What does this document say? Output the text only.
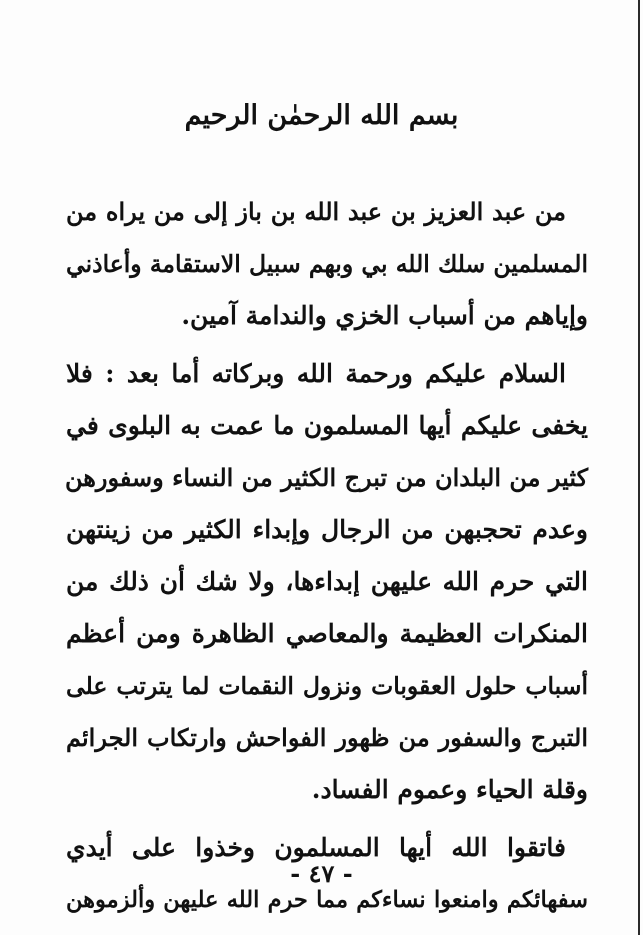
بسم الله الرحمٰن الرحيم
من عبد العزيز بن عبد الله بن باز إلى من يراه من
المسلمين سلك الله بي وبهم سبيل الاستقامة وأعاذني
وإياهم من أسباب الخزي والندامة آمين.
السلام عليكم ورحمة الله وبركاته أما بعد : فلا
يخفى عليكم أيها المسلمون ما عمت به البلوى في
كثير من البلدان من تبرج الكثير من النساء وسفورهن
وعدم تحجبهن من الرجال وإبداء الكثير من زينتهن
التي حرم الله عليهن إبداءها، ولا شك أن ذلك من
المنكرات العظيمة والمعاصي الظاهرة ومن أعظم
أسباب حلول العقوبات ونزول النقمات لما يترتب على
التبرج والسفور من ظهور الفواحش وارتكاب الجرائم
وقلة الحياء وعموم الفساد.
فاتقوا الله أيها المسلمون وخذوا على أيدي
سفهائكم وامنعوا نساءكم مما حرم الله عليهن وألزموهن
- ٤٧ -
